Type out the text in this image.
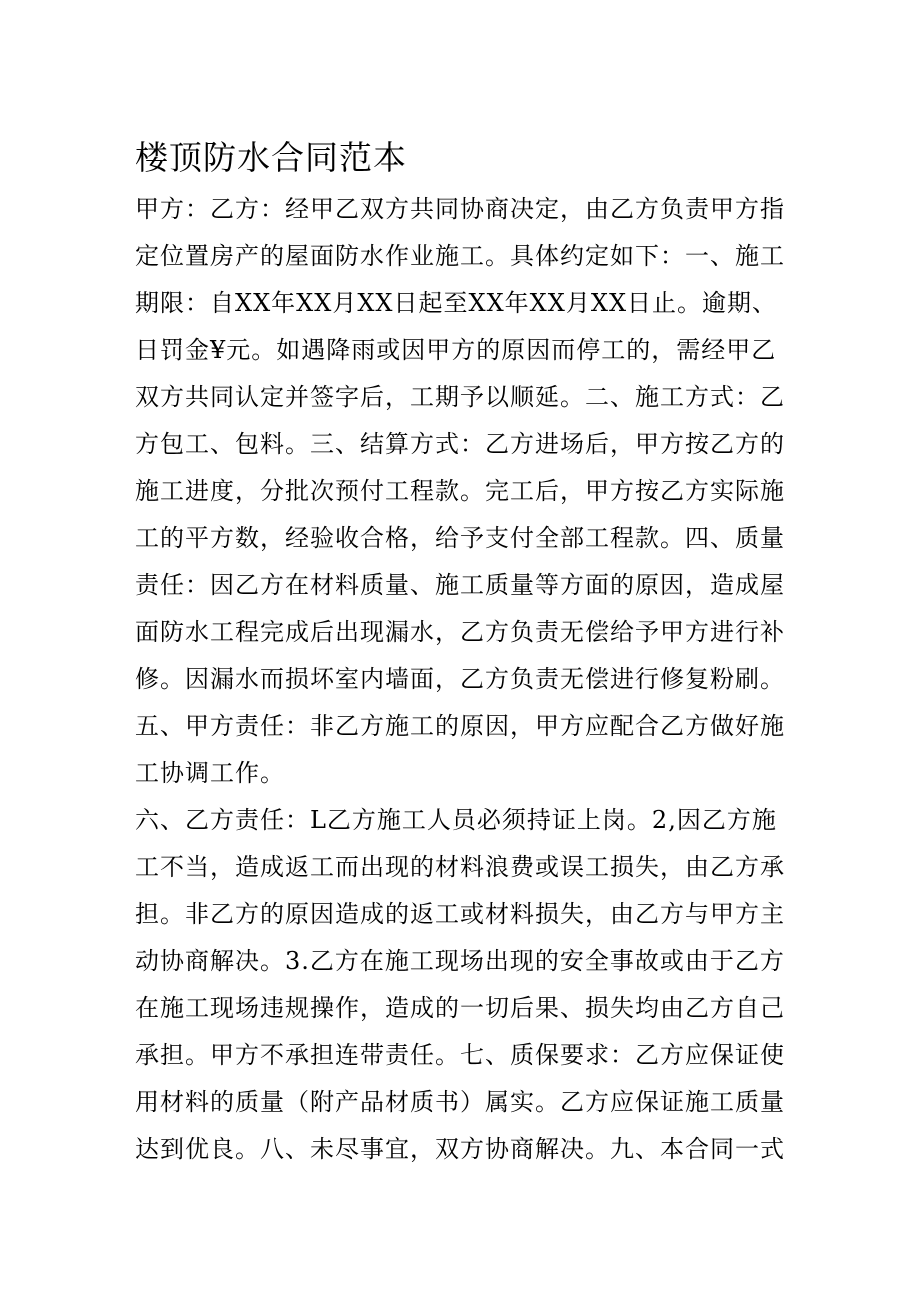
楼顶防水合同范本
甲方：乙方：经甲乙双方共同协商决定，由乙方负责甲方指
定位置房产的屋面防水作业施工。具体约定如下：一、施工
期限：自XX年XX月XX日起至XX年XX月XX日止。逾期、
日罚金¥元。如遇降雨或因甲方的原因而停工的，需经甲乙
双方共同认定并签字后，工期予以顺延。二、施工方式：乙
方包工、包料。三、结算方式：乙方进场后，甲方按乙方的
施工进度，分批次预付工程款。完工后，甲方按乙方实际施
工的平方数，经验收合格，给予支付全部工程款。四、质量
责任：因乙方在材料质量、施工质量等方面的原因，造成屋
面防水工程完成后出现漏水，乙方负责无偿给予甲方进行补
修。因漏水而损坏室内墙面，乙方负责无偿进行修复粉刷。
五、甲方责任：非乙方施工的原因，甲方应配合乙方做好施
工协调工作。
六、乙方责任：L乙方施工人员必须持证上岗。2,因乙方施
工不当，造成返工而出现的材料浪费或误工损失，由乙方承
担。非乙方的原因造成的返工或材料损失，由乙方与甲方主
动协商解决。3.乙方在施工现场出现的安全事故或由于乙方
在施工现场违规操作，造成的一切后果、损失均由乙方自己
承担。甲方不承担连带责任。七、质保要求：乙方应保证使
用材料的质量（附产品材质书）属实。乙方应保证施工质量
达到优良。八、未尽事宜，双方协商解决。九、本合同一式
